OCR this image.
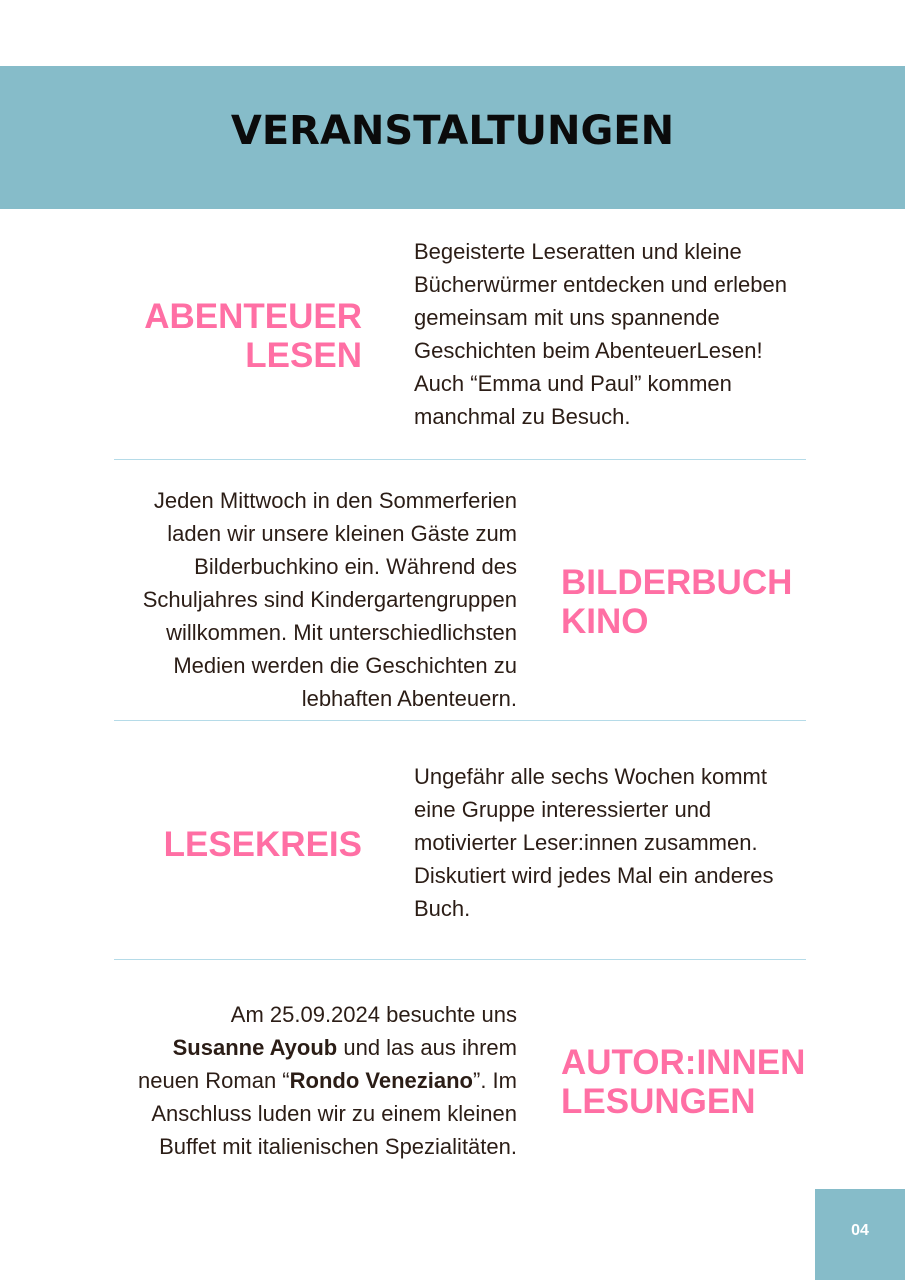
VERANSTALTUNGEN
ABENTEUER
LESEN
Begeisterte Leseratten und kleine
Bücherwürmer entdecken und erleben
gemeinsam mit uns spannende
Geschichten beim AbenteuerLesen!
Auch “Emma und Paul” kommen
manchmal zu Besuch.
Jeden Mittwoch in den Sommerferien
laden wir unsere kleinen Gäste zum
Bilderbuchkino ein. Während des
Schuljahres sind Kindergartengruppen
willkommen. Mit unterschiedlichsten
Medien werden die Geschichten zu
lebhaften Abenteuern.
BILDERBUCH
KINO
LESEKREIS
Ungefähr alle sechs Wochen kommt
eine Gruppe interessierter und
motivierter Leser:innen zusammen.
Diskutiert wird jedes Mal ein anderes
Buch.
Am 25.09.2024 besuchte uns
Susanne Ayoub und las aus ihrem
neuen Roman “Rondo Veneziano”. Im
Anschluss luden wir zu einem kleinen
Buffet mit italienischen Spezialitäten.
AUTOR:INNEN
LESUNGEN
04
